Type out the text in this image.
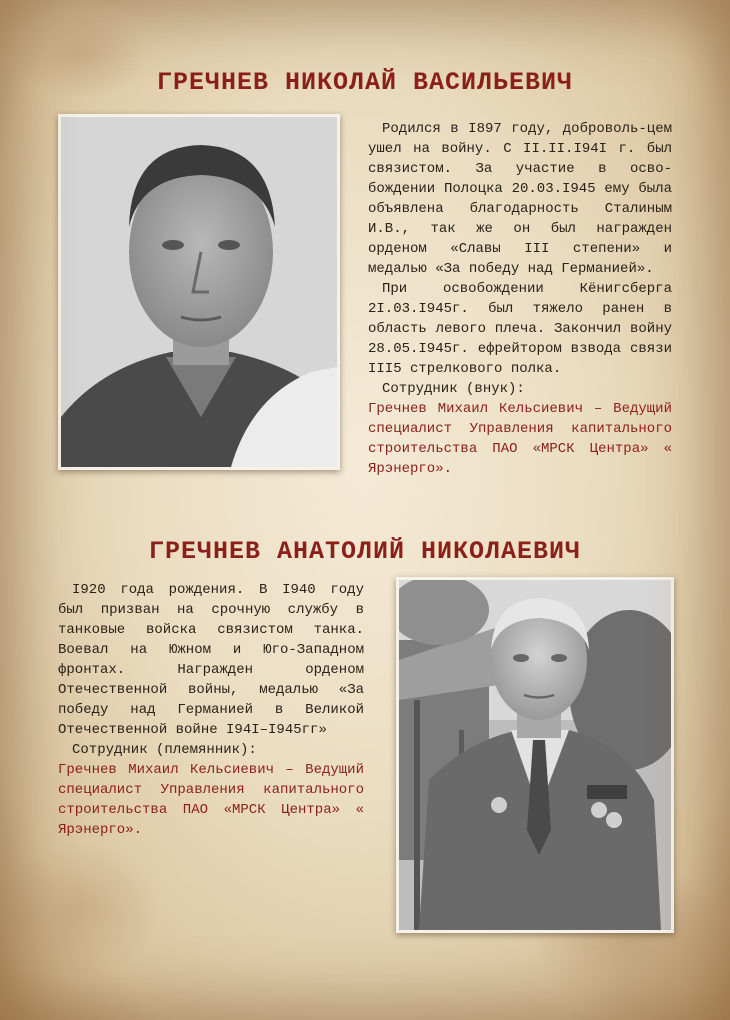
ГРЕЧНЕВ НИКОЛАЙ ВАСИЛЬЕВИЧ

Родился в I897 году, доброволь-цем ушел на войну. С II.II.I94I г. был связистом. За участие в осво-бождении Полоцка 20.03.I945 ему была объявлена благодарность Сталиным И.В., так же он был награжден орденом «Славы III степени» и медалью «За победу над Германией».

При освобождении Кёнигсберга 2I.03.I945г. был тяжело ранен в область левого плеча. Закончил войну 28.05.I945г. ефрейтором взвода связи III5 стрелкового полка.

Сотрудник (внук):

Гречнев Михаил Кельсиевич – Ведущий специалист Управления капитального строительства ПАО «МРСК Центра» « Ярэнерго».

ГРЕЧНЕВ АНАТОЛИЙ НИКОЛАЕВИЧ

I920 года рождения. В I940 году был призван на срочную службу в танковые войска связистом танка. Воевал на Южном и Юго-Западном фронтах. Награжден орденом Отечественной войны, медалью «За победу над Германией в Великой Отечественной войне I94I–I945гг»

Сотрудник (племянник):

Гречнев Михаил Кельсиевич – Ведущий специалист Управления капитального строительства ПАО «МРСК Центра» « Ярэнерго».
